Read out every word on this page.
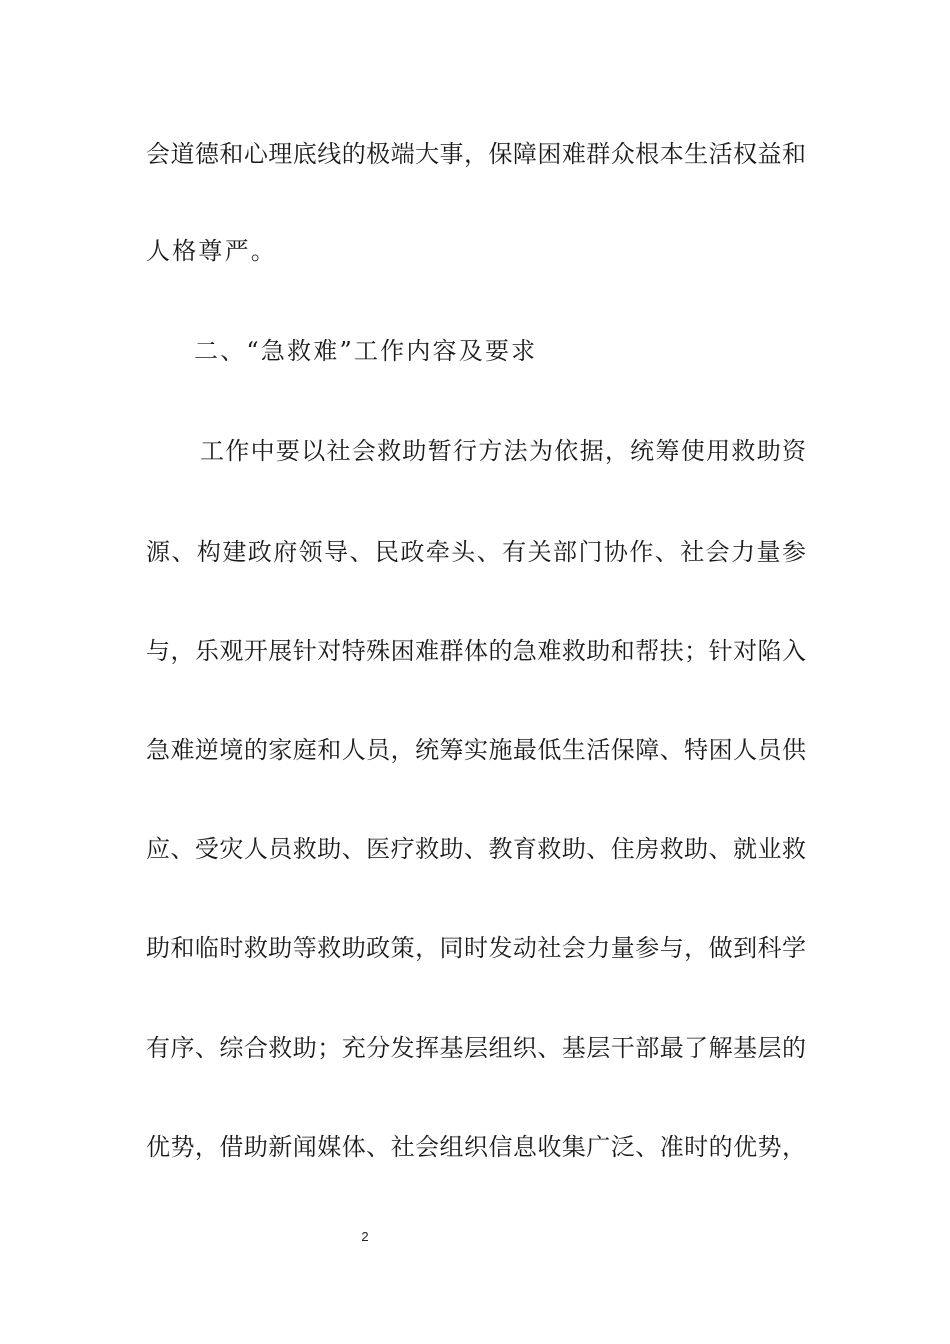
会道德和心理底线的极端大事，保障困难群众根本生活权益和
人格尊严。
二、“急救难”工作内容及要求
工作中要以社会救助暂行方法为依据，统筹使用救助资
源、构建政府领导、民政牵头、有关部门协作、社会力量参
与，乐观开展针对特殊困难群体的急难救助和帮扶；针对陷入
急难逆境的家庭和人员，统筹实施最低生活保障、特困人员供
应、受灾人员救助、医疗救助、教育救助、住房救助、就业救
助和临时救助等救助政策，同时发动社会力量参与，做到科学
有序、综合救助；充分发挥基层组织、基层干部最了解基层的
优势，借助新闻媒体、社会组织信息收集广泛、准时的优势，
2
